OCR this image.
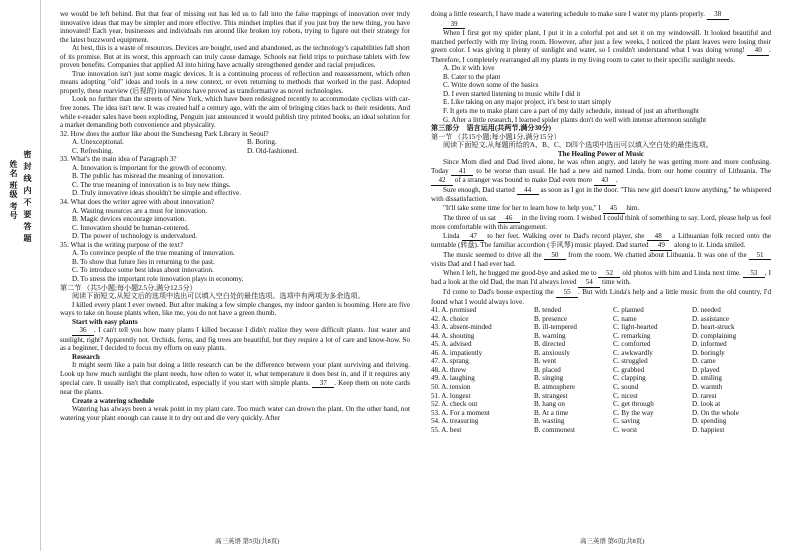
姓名 班级 考号 密 封 线 内 不 要 答 题

we would be left behind. But that fear of missing out has led us to fall into the false trappings of innovation over truly innovative ideas that may be simpler and more effective. This mindset implies that if you just buy the new thing, you have innovated! Each year, businesses and individuals run around like broken toy robots, trying to figure out their strategy for the latest buzzword equipment.

At best, this is a waste of resources. Devices are bought, used and abandoned, as the technology's capabilities fall short of its promise. But at its worst, this approach can truly cause damage. Schools eat field trips to purchase tablets with few proven benefits. Companies that applied AI into hiring have actually strengthened gender and racial prejudices.

True innovation isn't just some magic devices. It is a continuing process of reflection and reassessment, which often means adopting "old" ideas and tools in a new context, or even returning to methods that worked in the past. Adopted properly, these rearview (后视的) innovations have proved as transformative as novel technologies.

Look no further than the streets of New York, which have been redesigned recently to accommodate cyclists with car-free zones. The idea isn't new. It was created half a century ago, with the aim of bringing cities back to their residents. And while e-reader sales have been exploding, Penguin just announced it would publish tiny printed books, an ideal solution for a market demanding both convenience and physicality.

32. How does the author like about the Sunchesng Park Library in Seoul?

A. Unexceptional.	B. Boring.
C. Refreshing.	D. Old-fashioned.

33. What's the main idea of Paragraph 3?

A. Innovation is important for the growth of economy.

B. The public has misread the meaning of innovation.

C. The true meaning of innovation is to buy new things.

D. Truly innovative ideas shouldn't be simple and effective.

34. What does the writer agree with about innovation?

A. Wasting resources are a must for innovation.

B. Magic devices encourage innovation.

C. Innovation should be human-centered.

D. The power of technology is undervalued.

35. What is the writing purpose of the text?

A. To convince people of the true meaning of innovation.

B. To show that future lies in returning to the past.

C. To introduce some best ideas about innovation.

D. To stress the important role innovation plays in economy.

第二节 （共5小题;每小题2.5分,满分12.5分）

阅读下面短文,从短文后的选项中选出可以填入空白处的最佳选项。选项中有两项为多余选项。

I killed every plant I ever owned. But after making a few simple changes, my indoor garden is booming. Here are five ways to take on house plants when, like me, you do not have a green thumb.

Start with easy plants

36 . I can't tell you how many plants I killed because I didn't realize they were difficult plants. Just water and sunlight, right? Apparently not. Orchids, ferns, and fig trees are beautiful, but they require a lot of care and know-how. So as a beginner, I decided to focus my efforts on easy plants.

Research

It might seem like a pain but doing a little research can be the difference between your plant surviving and thriving. Look up how much sunlight the plant needs, how often to water it, what temperature it does best in, and if it requires any special care. It usually isn't that complicated, especially if you start with simple plants. 37 . Keep them on note cards near the plants.

Create a watering schedule

Watering has always been a weak point in my plant care. Too much water can drown the plant. On the other hand, not watering your plant enough can cause it to dry out and die very quickly. After

doing a little research, I have made a watering schedule to make sure I water my plants properly. 38

39

When I first got my spider plant, I put it in a colorful pot and set it on my windowsill. It looked beautiful and matched perfectly with my living room. However, after just a few weeks, I noticed the plant leaves were losing their green color. I was giving it plenty of sunlight and water, so I couldn't understand what I was doing wrong! 40 . Therefore, I completely rearranged all my plants in my living room to cater to their specific sunlight needs.

A. Do it with love

B. Cater to the plant

C. Write down some of the basics

D. I even started listening to music while I did it

E. Like taking on any major project, it's best to start simply

F. It gets me to make plant care a part of my daily schedule, instead of just an afterthought

G. After a little research, I learned spider plants don't do well with intense afternoon sunlight

第三部分　语言运用(共两节,满分30分)

第一节 （共15小题;每小题1分,满分15分）

阅读下面短文,从每题所给的A、B、C、D四个选项中选出可以填入空白处的最佳选项。

The Healing Power of Music

Since Mom died and Dad lived alone, he was often angry, and lately he was getting more and more confusing. Today 41 to be worse than usual. He had a new aid named Linda, from our home country of Lithuania. The 42 of a stranger was bound to make Dad even more 43 .

Sure enough, Dad started 44 as soon as I got in the door. "This new girl doesn't know anything," he whispered with dissatisfaction.

"It'll take some time for her to learn how to help you," I 45 him.

The three of us sat 46 in the living room. I wished I could think of something to say. Lord, please help us feel more comfortable with this arrangement.

Linda 47 to her feet. Walking over to Dad's record player, she 48 a Lithuanian folk record onto the turntable (转盘). The familiar accordion (手风琴) music played. Dad started 49 along to it. Linda smiled.

The music seemed to drive all the 50 from the room. We chatted about Lithuania. It was one of the 51 visits Dad and I had ever had.

When I left, he hugged me good-bye and asked me to 52 old photos with him and Linda next time. 53 , I had a look at the old Dad, the man I'd always loved 54 time with.

I'd come to Dad's house expecting the 55 . But with Linda's help and a little music from the old country, I'd found what I would always love.

41. A. promised	B. tended	C. planned	D. needed
42. A. choice	B. presence	C. name	D. assistance
43. A. absent-minded	B. ill-tempered	C. light-hearted	D. heart-struck
44. A. shouting	B. warning	C. remarking	D. complaining
45. A. advised	B. directed	C. comforted	D. informed
46. A. impatiently	B. anxiously	C. awkwardly	D. boringly
47. A. sprang	B. went	C. struggled	D. came
48. A. threw	B. placed	C. grabbed	D. played
49. A. laughing	B. singing	C. clapping	D. smiling
50. A. tension	B. atmosphere	C. sound	D. warmth
51. A. longest	B. strangest	C. nicest	D. rarest
52. A. check out	B. hang on	C. get through	D. look at
53. A. For a moment	B. At a time	C. By the way	D. On the whole
54. A. treasuring	B. wasting	C. saving	D. spending
55. A. best	B. commonest	C. worst	D. happiest
高三英语 第5页(共8页)	高三英语 第6页(共8页)
